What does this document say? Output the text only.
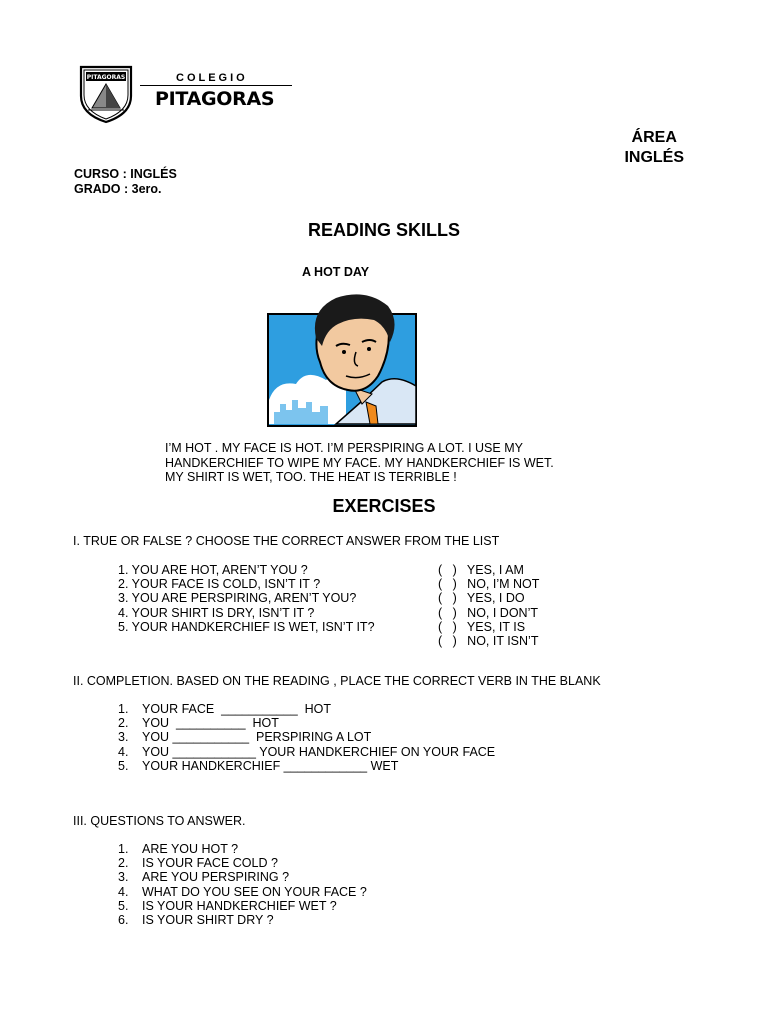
PITAGORAS	COLEGIO
PITAGORAS
ÁREA
INGLÉS
CURSO : INGLÉS
GRADO : 3ero.
READING SKILLS
A HOT DAY
I’M HOT . MY FACE IS HOT. I’M PERSPIRING A LOT. I USE MY HANDKERCHIEF TO WIPE MY FACE. MY HANDKERCHIEF IS WET. MY SHIRT IS WET, TOO. THE HEAT IS TERRIBLE !
EXERCISES
I. TRUE OR FALSE ? CHOOSE THE CORRECT ANSWER FROM THE LIST
1. YOU ARE HOT, AREN’T YOU ?
2. YOUR FACE IS COLD, ISN’T IT ?
3. YOU ARE PERSPIRING, AREN’T YOU?
4. YOUR SHIRT IS DRY, ISN’T IT ?
5. YOUR HANDKERCHIEF IS WET, ISN’T IT?
(   )   YES, I AM
(   )   NO, I’M NOT
(   )   YES, I DO
(   )   NO, I DON’T
(   )   YES, IT IS
(   )   NO, IT ISN’T
II. COMPLETION. BASED ON THE READING , PLACE THE CORRECT VERB IN THE BLANK
1.	YOUR FACE  ___________  HOT
2.	YOU  __________  HOT
3.	YOU ___________  PERSPIRING A LOT
4.	YOU ____________ YOUR HANDKERCHIEF ON YOUR FACE
5.	YOUR HANDKERCHIEF ____________ WET
III. QUESTIONS TO ANSWER.
1.	ARE YOU HOT ?
2.	IS YOUR FACE COLD ?
3.	ARE YOU PERSPIRING ?
4.	WHAT DO YOU SEE ON YOUR FACE ?
5.	IS YOUR HANDKERCHIEF WET ?
6.	IS YOUR SHIRT DRY ?
